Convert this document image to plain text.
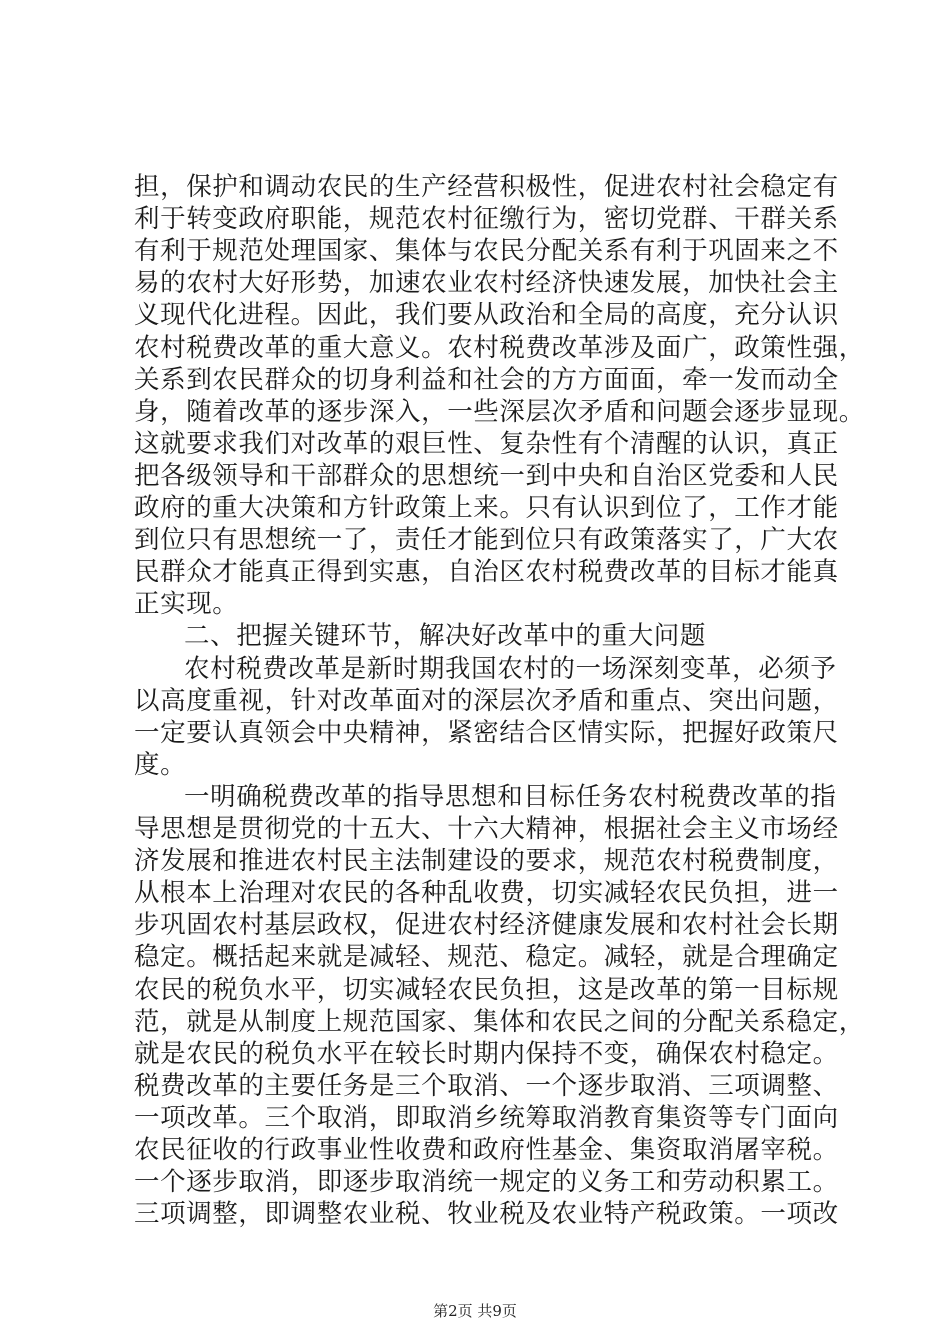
担，保护和调动农民的生产经营积极性，促进农村社会稳定有
利于转变政府职能，规范农村征缴行为，密切党群、干群关系
有利于规范处理国家、集体与农民分配关系有利于巩固来之不
易的农村大好形势，加速农业农村经济快速发展，加快社会主
义现代化进程。因此，我们要从政治和全局的高度，充分认识
农村税费改革的重大意义。农村税费改革涉及面广，政策性强，
关系到农民群众的切身利益和社会的方方面面，牵一发而动全
身，随着改革的逐步深入，一些深层次矛盾和问题会逐步显现。
这就要求我们对改革的艰巨性、复杂性有个清醒的认识，真正
把各级领导和干部群众的思想统一到中央和自治区党委和人民
政府的重大决策和方针政策上来。只有认识到位了，工作才能
到位只有思想统一了，责任才能到位只有政策落实了，广大农
民群众才能真正得到实惠，自治区农村税费改革的目标才能真
正实现。
二、把握关键环节，解决好改革中的重大问题
农村税费改革是新时期我国农村的一场深刻变革，必须予
以高度重视，针对改革面对的深层次矛盾和重点、突出问题，
一定要认真领会中央精神，紧密结合区情实际，把握好政策尺
度。
一明确税费改革的指导思想和目标任务农村税费改革的指
导思想是贯彻党的十五大、十六大精神，根据社会主义市场经
济发展和推进农村民主法制建设的要求，规范农村税费制度，
从根本上治理对农民的各种乱收费，切实减轻农民负担，进一
步巩固农村基层政权，促进农村经济健康发展和农村社会长期
稳定。概括起来就是减轻、规范、稳定。减轻，就是合理确定
农民的税负水平，切实减轻农民负担，这是改革的第一目标规
范，就是从制度上规范国家、集体和农民之间的分配关系稳定，
就是农民的税负水平在较长时期内保持不变，确保农村稳定。
税费改革的主要任务是三个取消、一个逐步取消、三项调整、
一项改革。三个取消，即取消乡统筹取消教育集资等专门面向
农民征收的行政事业性收费和政府性基金、集资取消屠宰税。
一个逐步取消，即逐步取消统一规定的义务工和劳动积累工。
三项调整，即调整农业税、牧业税及农业特产税政策。一项改
第2页 共9页
